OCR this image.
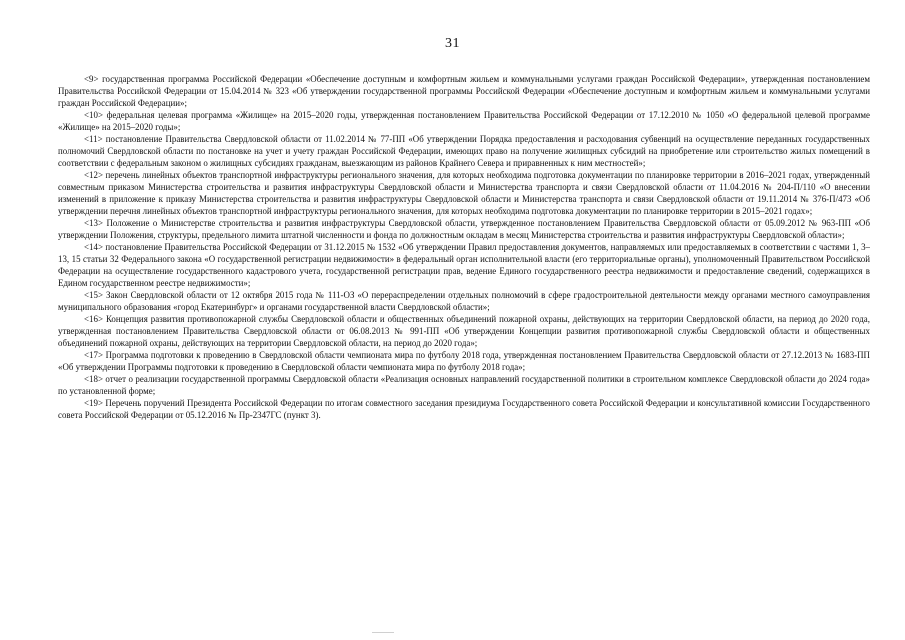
31

<9> государственная программа Российской Федерации «Обеспечение доступным и комфортным жильем и коммунальными услугами граждан Российской Федерации», утвержденная постановлением Правительства Российской Федерации от 15.04.2014 № 323 «Об утверждении государственной программы Российской Федерации «Обеспечение доступным и комфортным жильем и коммунальными услугами граждан Российской Федерации»;

<10> федеральная целевая программа «Жилище» на 2015–2020 годы, утвержденная постановлением Правительства Российской Федерации от 17.12.2010 № 1050 «О федеральной целевой программе «Жилище» на 2015–2020 годы»;

<11> постановление Правительства Свердловской области от 11.02.2014 № 77-ПП «Об утверждении Порядка предоставления и расходования субвенций на осуществление переданных государственных полномочий Свердловской области по постановке на учет и учету граждан Российской Федерации, имеющих право на получение жилищных субсидий на приобретение или строительство жилых помещений в соответствии с федеральным законом о жилищных субсидиях гражданам, выезжающим из районов Крайнего Севера и приравненных к ним местностей»;

<12> перечень линейных объектов транспортной инфраструктуры регионального значения, для которых необходима подготовка документации по планировке территории в 2016–2021 годах, утвержденный совместным приказом Министерства строительства и развития инфраструктуры Свердловской области и Министерства транспорта и связи Свердловской области от 11.04.2016 № 204-П/110 «О внесении изменений в приложение к приказу Министерства строительства и развития инфраструктуры Свердловской области и Министерства транспорта и связи Свердловской области от 19.11.2014 № 376-П/473 «Об утверждении перечня линейных объектов транспортной инфраструктуры регионального значения, для которых необходима подготовка документации по планировке территории в 2015–2021 годах»;

<13> Положение о Министерстве строительства и развития инфраструктуры Свердловской области, утвержденное постановлением Правительства Свердловской области от 05.09.2012 № 963-ПП «Об утверждении Положения, структуры, предельного лимита штатной численности и фонда по должностным окладам в месяц Министерства строительства и развития инфраструктуры Свердловской области»;

<14> постановление Правительства Российской Федерации от 31.12.2015 № 1532 «Об утверждении Правил предоставления документов, направляемых или предоставляемых в соответствии с частями 1, 3–13, 15 статьи 32 Федерального закона «О государственной регистрации недвижимости» в федеральный орган исполнительной власти (его территориальные органы), уполномоченный Правительством Российской Федерации на осуществление государственного кадастрового учета, государственной регистрации прав, ведение Единого государственного реестра недвижимости и предоставление сведений, содержащихся в Едином государственном реестре недвижимости»;

<15> Закон Свердловской области от 12 октября 2015 года № 111-ОЗ «О перераспределении отдельных полномочий в сфере градостроительной деятельности между органами местного самоуправления муниципального образования «город Екатеринбург» и органами государственной власти Свердловской области»;

<16> Концепция развития противопожарной службы Свердловской области и общественных объединений пожарной охраны, действующих на территории Свердловской области, на период до 2020 года, утвержденная постановлением Правительства Свердловской области от 06.08.2013 № 991-ПП «Об утверждении Концепции развития противопожарной службы Свердловской области и общественных объединений пожарной охраны, действующих на территории Свердловской области, на период до 2020 года»;

<17> Программа подготовки к проведению в Свердловской области чемпионата мира по футболу 2018 года, утвержденная постановлением Правительства Свердловской области от 27.12.2013 № 1683-ПП «Об утверждении Программы подготовки к проведению в Свердловской области чемпионата мира по футболу 2018 года»;

<18> отчет о реализации государственной программы Свердловской области «Реализация основных направлений государственной политики в строительном комплексе Свердловской области до 2024 года» по установленной форме;

<19> Перечень поручений Президента Российской Федерации по итогам совместного заседания президиума Государственного совета Российской Федерации и консультативной комиссии Государственного совета Российской Федерации от 05.12.2016 № Пр-2347ГС (пункт 3).
